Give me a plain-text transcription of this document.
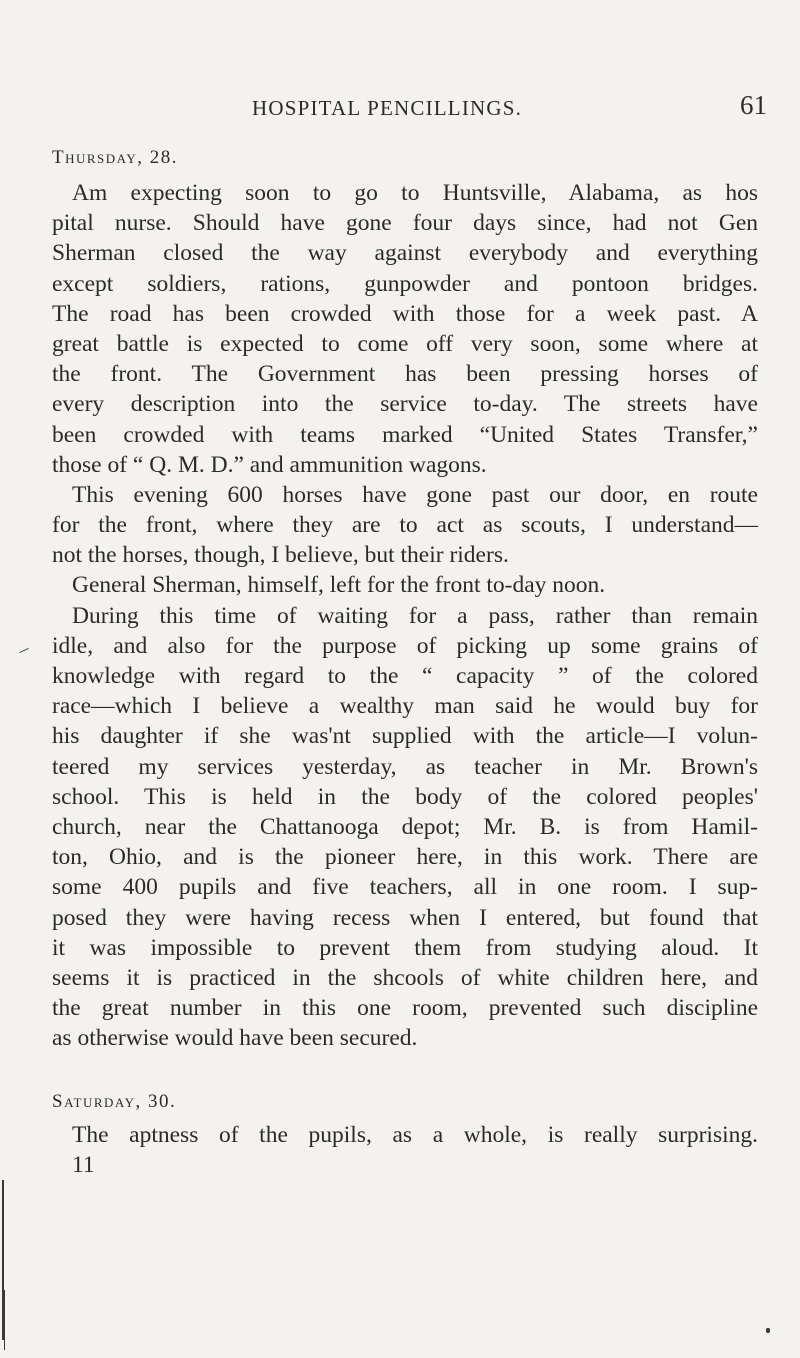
HOSPITAL PENCILLINGS.	61
Thursday, 28.
Am expecting soon to go to Huntsville, Alabama, as hos
pital nurse. Should have gone four days since, had not Gen
Sherman closed the way against everybody and everything
except soldiers, rations, gunpowder and pontoon bridges.
The road has been crowded with those for a week past. A
great battle is expected to come off very soon, some where at
the front. The Government has been pressing horses of
every description into the service to-day. The streets have
been crowded with teams marked “United States Transfer,”
those of “ Q. M. D.” and ammunition wagons.
This evening 600 horses have gone past our door, en route
for the front, where they are to act as scouts, I understand—
not the horses, though, I believe, but their riders.
General Sherman, himself, left for the front to-day noon.
During this time of waiting for a pass, rather than remain
idle, and also for the purpose of picking up some grains of
knowledge with regard to the “ capacity ” of the colored
race—which I believe a wealthy man said he would buy for
his daughter if she was'nt supplied with the article—I volun-
teered my services yesterday, as teacher in Mr. Brown's
school. This is held in the body of the colored peoples'
church, near the Chattanooga depot; Mr. B. is from Hamil-
ton, Ohio, and is the pioneer here, in this work. There are
some 400 pupils and five teachers, all in one room. I sup-
posed they were having recess when I entered, but found that
it was impossible to prevent them from studying aloud. It
seems it is practiced in the shcools of white children here, and
the great number in this one room, prevented such discipline
as otherwise would have been secured.
Saturday, 30.
The aptness of the pupils, as a whole, is really surprising.
11
